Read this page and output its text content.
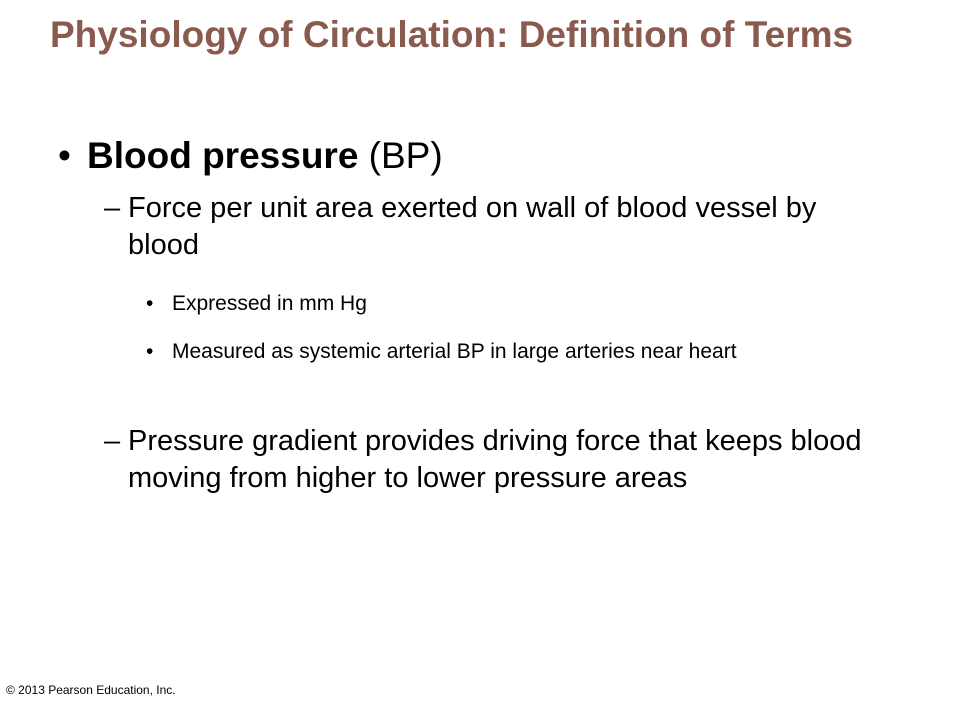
Physiology of Circulation: Definition of Terms
• Blood pressure (BP)
– Force per unit area exerted on wall of blood vessel by blood
• Expressed in mm Hg
• Measured as systemic arterial BP in large arteries near heart
– Pressure gradient provides driving force that keeps blood moving from higher to lower pressure areas
© 2013 Pearson Education, Inc.
